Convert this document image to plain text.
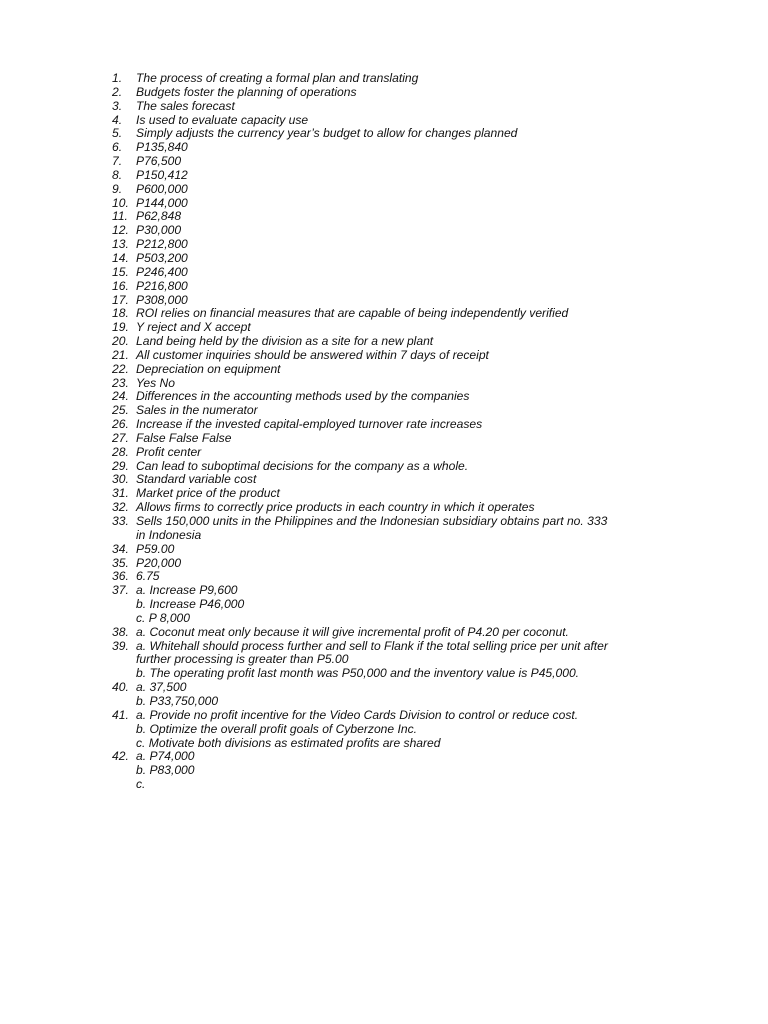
1. The process of creating a formal plan and translating
2. Budgets foster the planning of operations
3. The sales forecast
4. Is used to evaluate capacity use
5. Simply adjusts the currency year’s budget to allow for changes planned
6. P135,840
7. P76,500
8. P150,412
9. P600,000
10. P144,000
11. P62,848
12. P30,000
13. P212,800
14. P503,200
15. P246,400
16. P216,800
17. P308,000
18. ROI relies on financial measures that are capable of being independently verified
19. Y reject and X accept
20. Land being held by the division as a site for a new plant
21. All customer inquiries should be answered within 7 days of receipt
22. Depreciation on equipment
23. Yes No
24. Differences in the accounting methods used by the companies
25. Sales in the numerator
26. Increase if the invested capital-employed turnover rate increases
27. False False False
28. Profit center
29. Can lead to suboptimal decisions for the company as a whole.
30. Standard variable cost
31. Market price of the product
32. Allows firms to correctly price products in each country in which it operates
33. Sells 150,000 units in the Philippines and the Indonesian subsidiary obtains part no. 333
in Indonesia
34. P59.00
35. P20,000
36. 6.75
37. a. Increase P9,600
b. Increase P46,000
c. P 8,000
38. a. Coconut meat only because it will give incremental profit of P4.20 per coconut.
39. a. Whitehall should process further and sell to Flank if the total selling price per unit after
further processing is greater than P5.00
b. The operating profit last month was P50,000 and the inventory value is P45,000.
40. a. 37,500
b. P33,750,000
41. a. Provide no profit incentive for the Video Cards Division to control or reduce cost.
b. Optimize the overall profit goals of Cyberzone Inc.
c. Motivate both divisions as estimated profits are shared
42. a. P74,000
b. P83,000
c.
